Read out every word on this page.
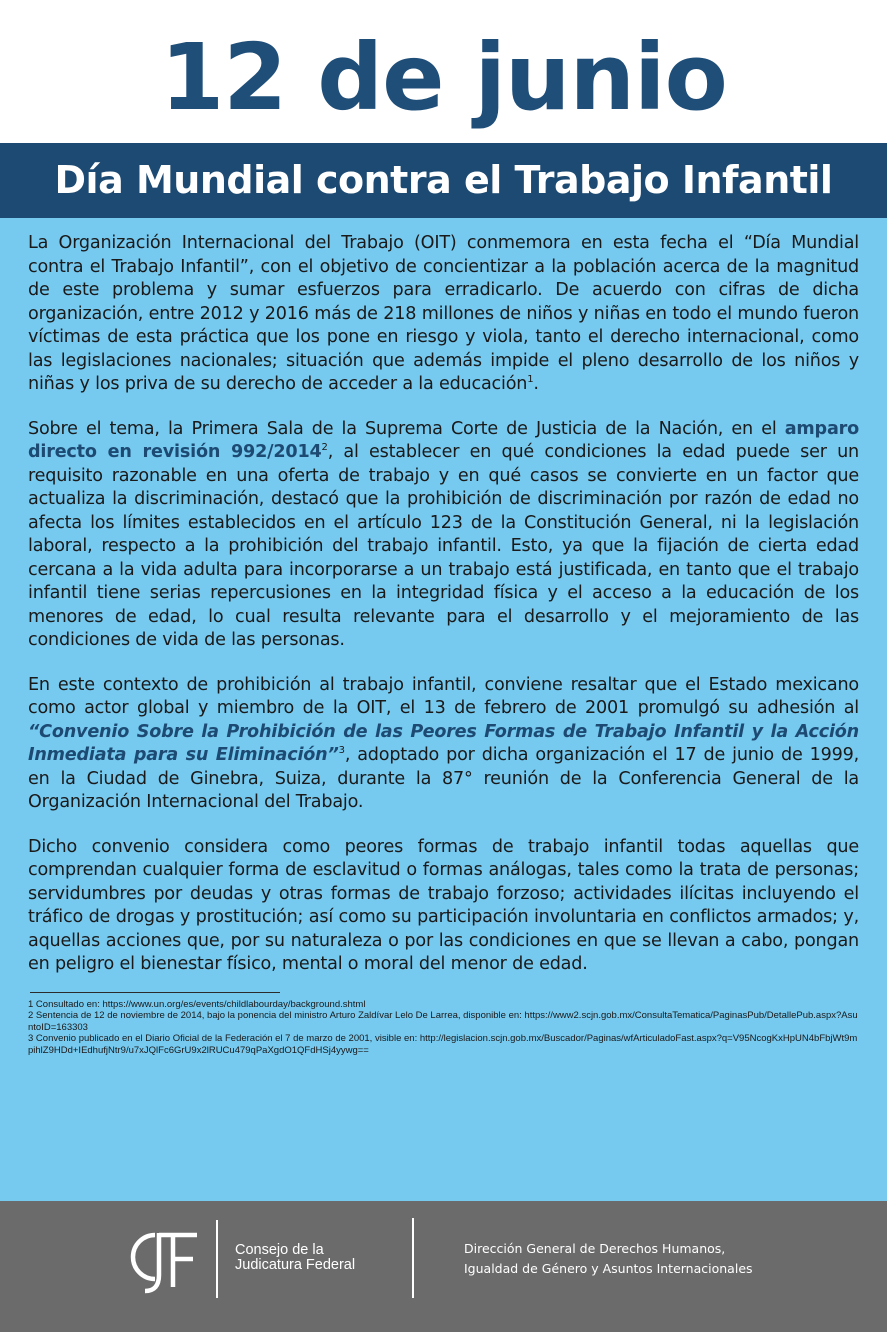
12 de junio
Día Mundial contra el Trabajo Infantil

La Organización Internacional del Trabajo (OIT) conmemora en esta fecha el “Día Mundial contra el Trabajo Infantil”, con el objetivo de concientizar a la población acerca de la magnitud de este problema y sumar esfuerzos para erradicarlo. De acuerdo con cifras de dicha organización, entre 2012 y 2016 más de 218 millones de niños y niñas en todo el mundo fueron víctimas de esta práctica que los pone en riesgo y viola, tanto el derecho internacional, como las legislaciones nacionales; situación que además impide el pleno desarrollo de los niños y niñas y los priva de su derecho de acceder a la educación$^1$.

Sobre el tema, la Primera Sala de la Suprema Corte de Justicia de la Nación, en el amparo directo en revisión 992/2014$^2$, al establecer en qué condiciones la edad puede ser un requisito razonable en una oferta de trabajo y en qué casos se convierte en un factor que actualiza la discriminación, destacó que la prohibición de discriminación por razón de edad no afecta los límites establecidos en el artículo 123 de la Constitución General, ni la legislación laboral, respecto a la prohibición del trabajo infantil. Esto, ya que la fijación de cierta edad cercana a la vida adulta para incorporarse a un trabajo está justificada, en tanto que el trabajo infantil tiene serias repercusiones en la integridad física y el acceso a la educación de los menores de edad, lo cual resulta relevante para el desarrollo y el mejoramiento de las condiciones de vida de las personas.

En este contexto de prohibición al trabajo infantil, conviene resaltar que el Estado mexicano como actor global y miembro de la OIT, el 13 de febrero de 2001 promulgó su adhesión al “Convenio Sobre la Prohibición de las Peores Formas de Trabajo Infantil y la Acción Inmediata para su Eliminación”$^3$, adoptado por dicha organización el 17 de junio de 1999, en la Ciudad de Ginebra, Suiza, durante la 87° reunión de la Conferencia General de la Organización Internacional del Trabajo.

Dicho convenio considera como peores formas de trabajo infantil todas aquellas que comprendan cualquier forma de esclavitud o formas análogas, tales como la trata de personas; servidumbres por deudas y otras formas de trabajo forzoso; actividades ilícitas incluyendo el tráfico de drogas y prostitución; así como su participación involuntaria en conflictos armados; y, aquellas acciones que, por su naturaleza o por las condiciones en que se llevan a cabo, pongan en peligro el bienestar físico, mental o moral del menor de edad.

1 Consultado en: https://www.un.org/es/events/childlabourday/background.shtml

2 Sentencia de 12 de noviembre de 2014, bajo la ponencia del ministro Arturo Zaldívar Lelo De Larrea, disponible en: https://www2.scjn.gob.mx/ConsultaTematica/PaginasPub/DetallePub.aspx?AsuntoID=163303

3 Convenio publicado en el Diario Oficial de la Federación el 7 de marzo de 2001, visible en: http://legislacion.scjn.gob.mx/Buscador/Paginas/wfArticuladoFast.aspx?q=V95NcogKxHpUN4bFbjWt9mpihlZ9HDd+IEdhufjNtr9/u7xJQlFc6GrU9x2lRUCu479qPaXgdO1QFdHSj4yywg==

Consejo de la
Judicatura Federal
Dirección General de Derechos Humanos,
Igualdad de Género y Asuntos Internacionales
